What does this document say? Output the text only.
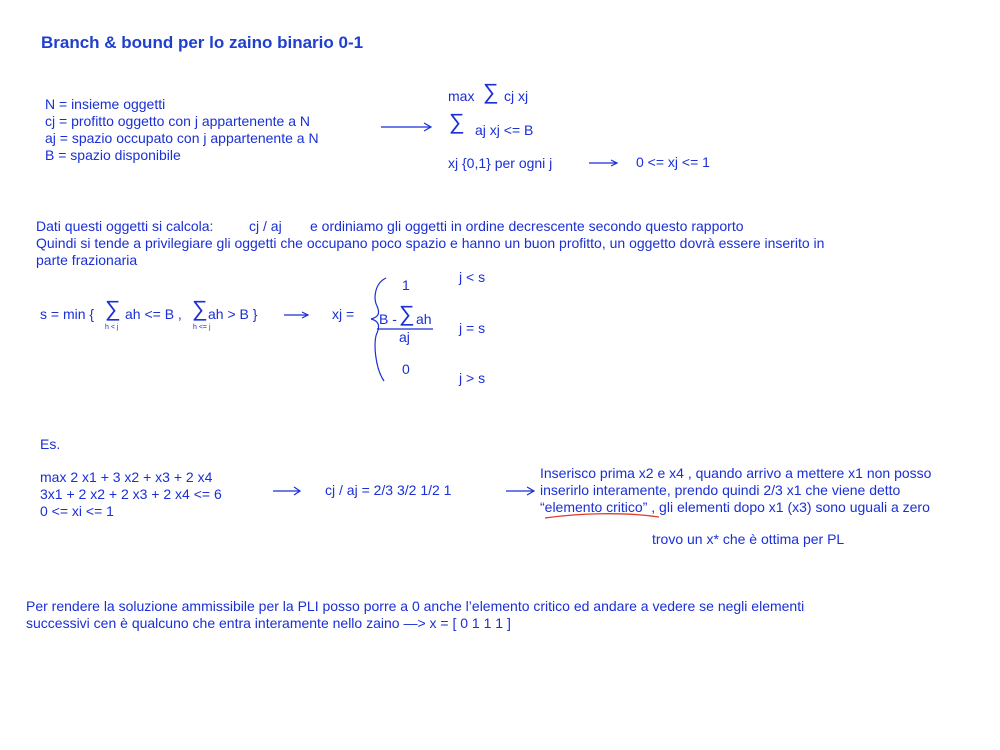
Branch & bound per lo zaino binario 0-1
N = insieme oggetti
cj = profitto oggetto con j appartenente a N
aj = spazio occupato con j appartenente a N
B = spazio disponibile
max ∑ cj xj
∑ aj xj <= B
xj {0,1} per ogni j	0 <= xj <= 1
Dati questi oggetti si calcola:	cj / aj e ordiniamo gli oggetti in ordine decrescente secondo questo rapporto
Quindi si tende a privilegiare gli oggetti che occupano poco spazio e hanno un buon profitto, un oggetto dovrà essere inserito in
parte frazionaria
s = min { ∑ ah <= B ,
h < j
∑ ah > B }
h <= j
xj =
1	j < s
B - ∑ ah
aj
j = s
0
j > s
Es.
max 2 x1 + 3 x2 + x3 + 2 x4
3x1 + 2 x2 + 2 x3 + 2 x4 <= 6
0 <= xi <= 1
cj / aj = 2/3 3/2 1/2 1
Inserisco prima x2 e x4 , quando arrivo a mettere x1 non posso
inserirlo interamente, prendo quindi 2/3 x1 che viene detto
“elemento critico” , gli elementi dopo x1 (x3) sono uguali a zero
trovo un x* che è ottima per PL
Per rendere la soluzione ammissibile per la PLI posso porre a 0 anche l’elemento critico ed andare a vedere se negli elementi
successivi cen è qualcuno che entra interamente nello zaino —> x = [ 0 1 1 1 ]
